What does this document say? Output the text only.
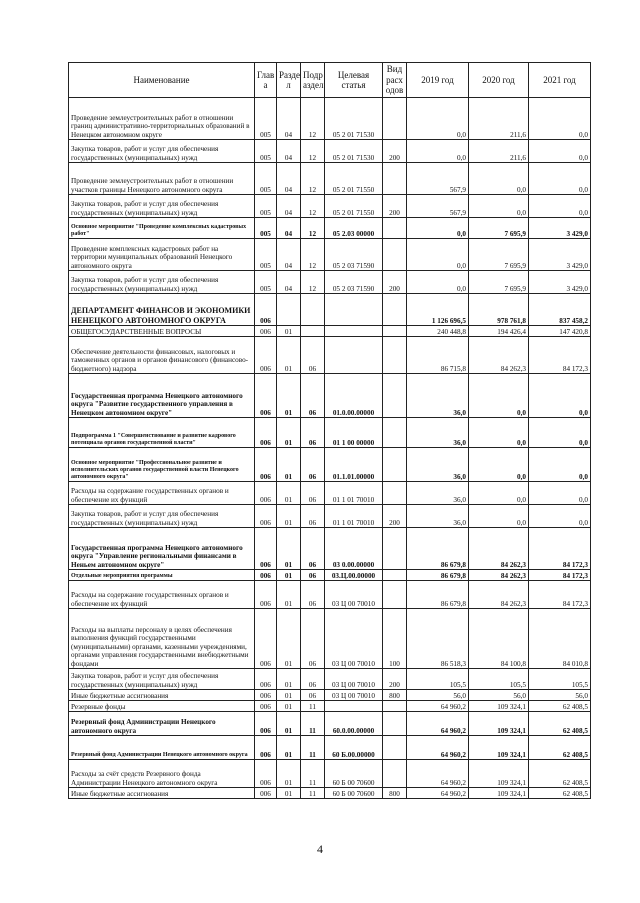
Наименование	Глав а	Разде л	Подр аздел	Целевая статья	Вид расх одов	2019 год	2020 год	2021 год
Проведение землеустроительных работ в отношении границ административно-территориальных образований в Ненецком автономном округе	005	04	12	05 2 01 71530		0,0	211,6	0,0
Закупка товаров, работ и услуг для обеспечения государственных (муниципальных) нужд	005	04	12	05 2 01 71530	200	0,0	211,6	0,0
Проведение землеустроительных работ в отношении участков границы Ненецкого автономного округа	005	04	12	05 2 01 71550		567,9	0,0	0,0
Закупка товаров, работ и услуг для обеспечения государственных (муниципальных) нужд	005	04	12	05 2 01 71550	200	567,9	0,0	0,0
Основное мероприятие "Проведение комплексных кадастровых работ"	005	04	12	05 2.03 00000		0,0	7 695,9	3 429,0
Проведение комплексных кадастровых работ на территории муниципальных образований Ненецкого автономного округа	005	04	12	05 2 03 71590		0,0	7 695,9	3 429,0
Закупка товаров, работ и услуг для обеспечения государственных (муниципальных) нужд	005	04	12	05 2 03 71590	200	0,0	7 695,9	3 429,0
ДЕПАРТАМЕНТ ФИНАНСОВ И ЭКОНОМИКИ НЕНЕЦКОГО АВТОНОМНОГО ОКРУГА	006					1 126 696,5	978 761,8	837 458,2
ОБЩЕГОСУДАРСТВЕННЫЕ ВОПРОСЫ	006	01				240 448,8	194 426,4	147 420,8
Обеспечение деятельности финансовых, налоговых и таможенных органов и органов финансового (финансово-бюджетного) надзора	006	01	06			86 715,8	84 262,3	84 172,3
Государственная программа Ненецкого автономного округа "Развитие государственного управления в Ненецком автономном округе"	006	01	06	01.0.00.00000		36,0	0,0	0,0
Подпрограмма 1 "Совершенствование и развитие кадрового потенциала органов государственной власти"	006	01	06	01 1 00 00000		36,0	0,0	0,0
Основное мероприятие "Профессиональное развитие и исполнительских органов государственной власти Ненецкого автономного округа"	006	01	06	01.1.01.00000		36,0	0,0	0,0
Расходы на содержание государственных органов и обеспечение их функций	006	01	06	01 1 01 70010		36,0	0,0	0,0
Закупка товаров, работ и услуг для обеспечения государственных (муниципальных) нужд	006	01	06	01 1 01 70010	200	36,0	0,0	0,0
Государственная программа Ненецкого автономного округа "Управление региональными финансами в Неньем автономном округе"	006	01	06	03 0.00.00000		86 679,8	84 262,3	84 172,3
Отдельные мероприятия программы	006	01	06	03.Ц.00.00000		86 679,8	84 262,3	84 172,3
Расходы на содержание государственных органов и обеспечение их функций	006	01	06	03 Ц 00 70010		86 679,8	84 262,3	84 172,3
Расходы на выплаты персоналу в целях обеспечения выполнения функций государственными (муниципальными) органами, казенными учреждениями, органами управления государственными внебюджетными фондами	006	01	06	03 Ц 00 70010	100	86 518,3	84 100,8	84 010,8
Закупка товаров, работ и услуг для обеспечения государственных (муниципальных) нужд	006	01	06	03 Ц 00 70010	200	105,5	105,5	105,5
Иные бюджетные ассигнования	006	01	06	03 Ц 00 70010	800	56,0	56,0	56,0
Резервные фонды	006	01	11			64 960,2	109 324,1	62 408,5
Резервный фонд Администрации Ненецкого автономного округа	006	01	11	60.0.00.00000		64 960,2	109 324,1	62 408,5
Резервный фонд Администрации Ненецкого автономного округа	006	01	11	60 Б.00.00000		64 960,2	109 324,1	62 408,5
Расходы за счёт средств Резервного фонда Администрации Ненецкого автономного округа	006	01	11	60 Б 00 70600		64 960,2	109 324,1	62 408,5
Иные бюджетные ассигнования	006	01	11	60 Б 00 70600	800	64 960,2	109 324,1	62 408,5
4
